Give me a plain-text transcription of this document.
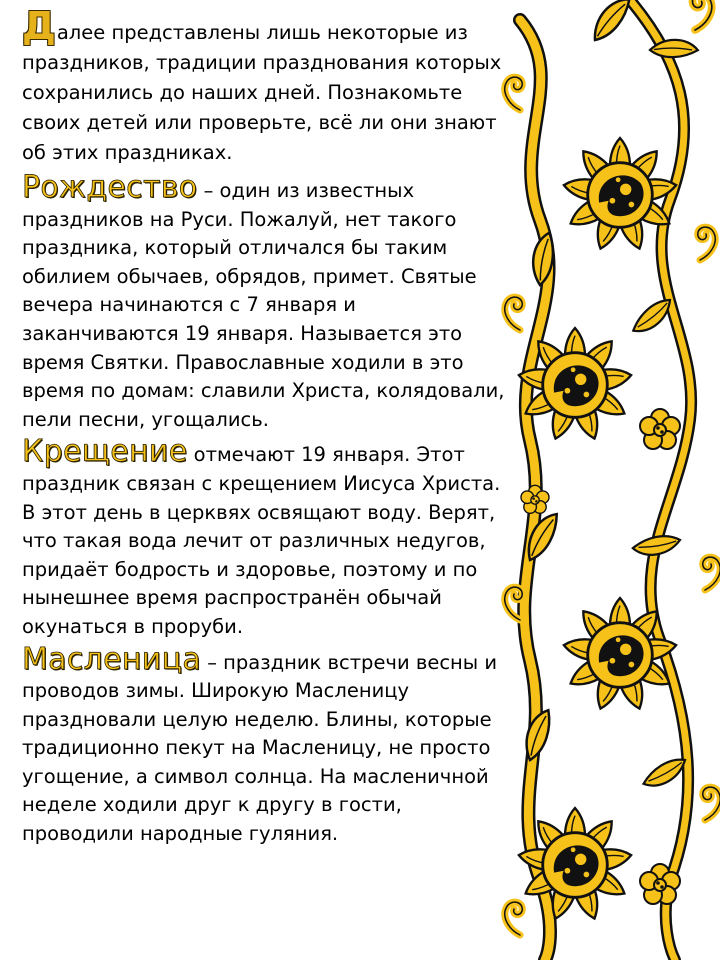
Далее представлены лишь некоторые из праздников, традиции празднования которых сохранились до наших дней. Познакомьте своих детей или проверьте, всё ли они знают об этих праздниках.

Рождество – один из известных праздников на Руси. Пожалуй, нет такого праздника, который отличался бы таким обилием обычаев, обрядов, примет. Святые вечера начинаются с 7 января и заканчиваются 19 января. Называется это время Святки. Православные ходили в это время по домам: славили Христа, колядовали, пели песни, угощались.

Крещение отмечают 19 января. Этот праздник связан с крещением Иисуса Христа. В этот день в церквях освящают воду. Верят, что такая вода лечит от различных недугов, придаёт бодрость и здоровье, поэтому и по нынешнее время распространён обычай окунаться в проруби.

Масленица – праздник встречи весны и проводов зимы. Широкую Масленицу праздновали целую неделю. Блины, которые традиционно пекут на Масленицу, не просто угощение, а символ солнца. На масленичной неделе ходили друг к другу в гости, проводили народные гуляния.
